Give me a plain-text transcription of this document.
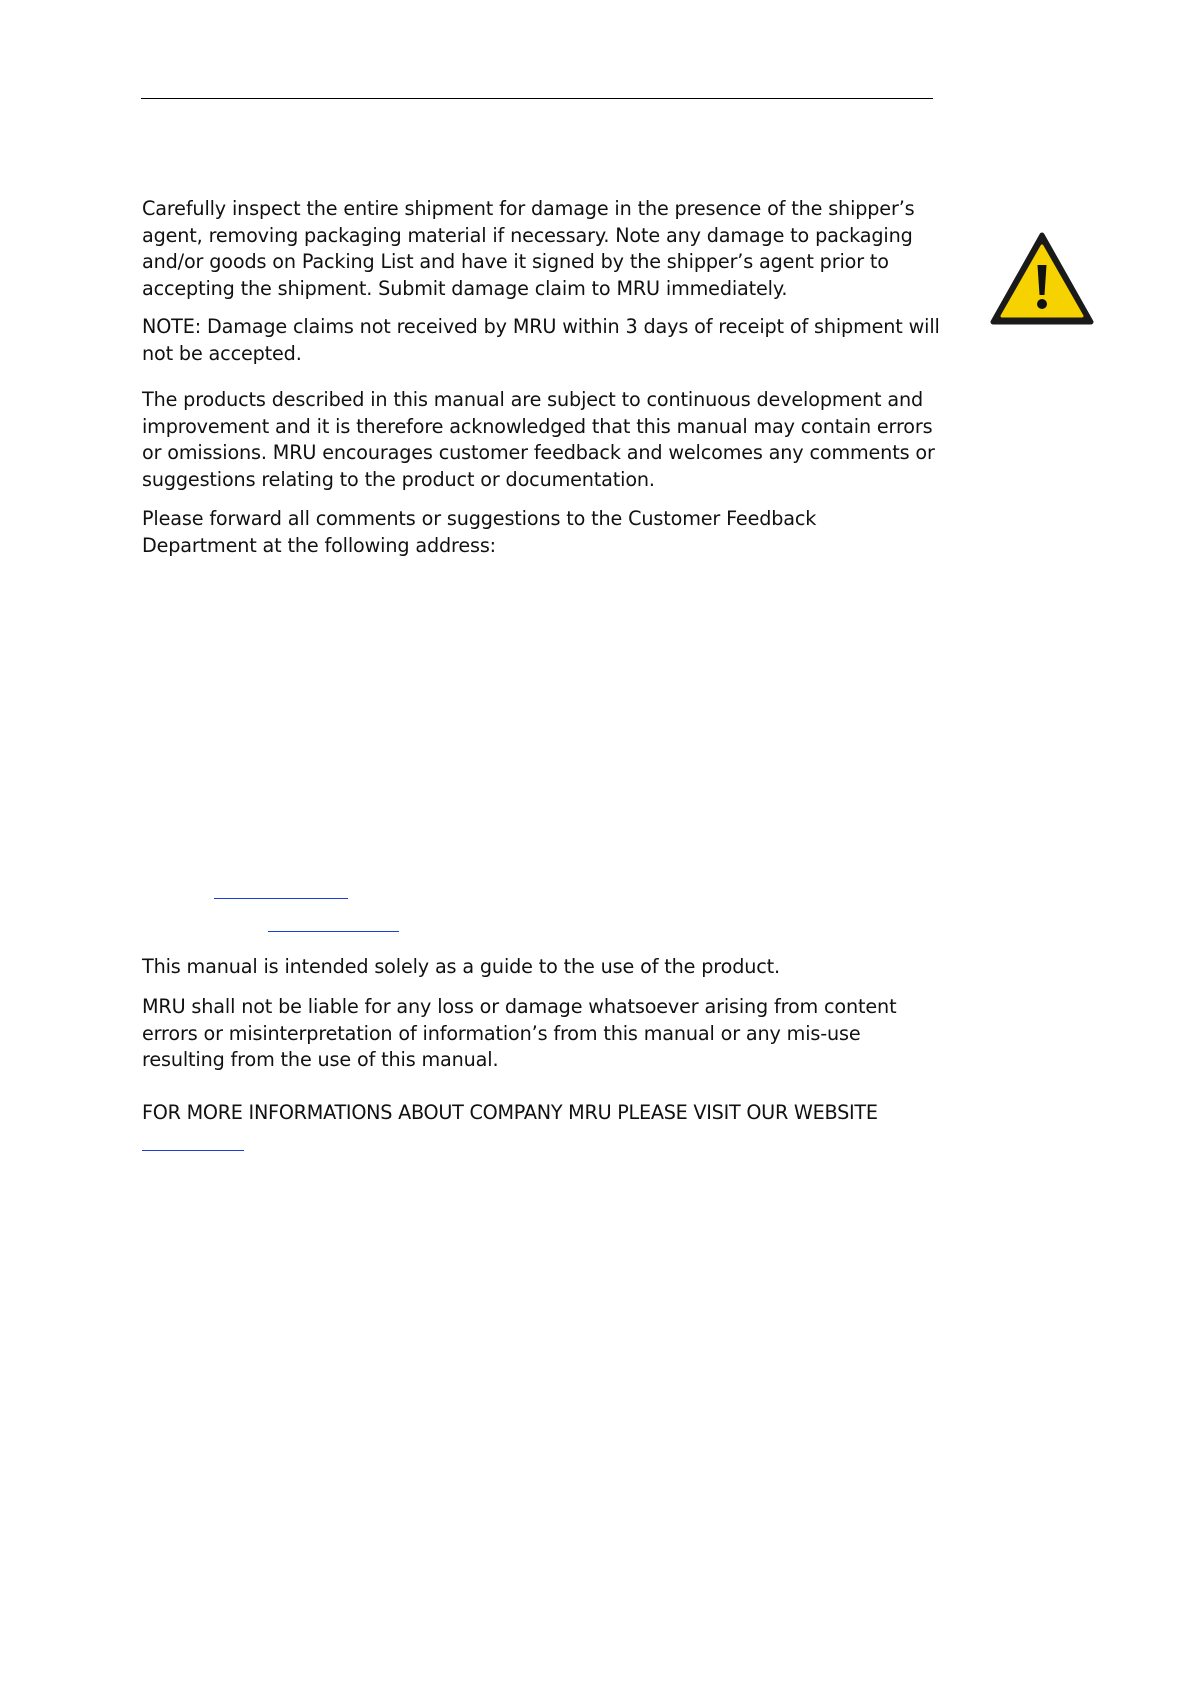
Carefully inspect the entire shipment for damage in the presence of the shipper’s
agent, removing packaging material if necessary. Note any damage to packaging
and/or goods on Packing List and have it signed by the shipper’s agent prior to
accepting the shipment. Submit damage claim to MRU immediately.

NOTE: Damage claims not received by MRU within 3 days of receipt of shipment will
not be accepted.

The products described in this manual are subject to continuous development and
improvement and it is therefore acknowledged that this manual may contain errors
or omissions. MRU encourages customer feedback and welcomes any comments or
suggestions relating to the product or documentation.

Please forward all comments or suggestions to the Customer Feedback
Department at the following address:

This manual is intended solely as a guide to the use of the product.

MRU shall not be liable for any loss or damage whatsoever arising from content
errors or misinterpretation of information’s from this manual or any mis-use
resulting from the use of this manual.

FOR MORE INFORMATIONS ABOUT COMPANY MRU PLEASE VISIT OUR WEBSITE
